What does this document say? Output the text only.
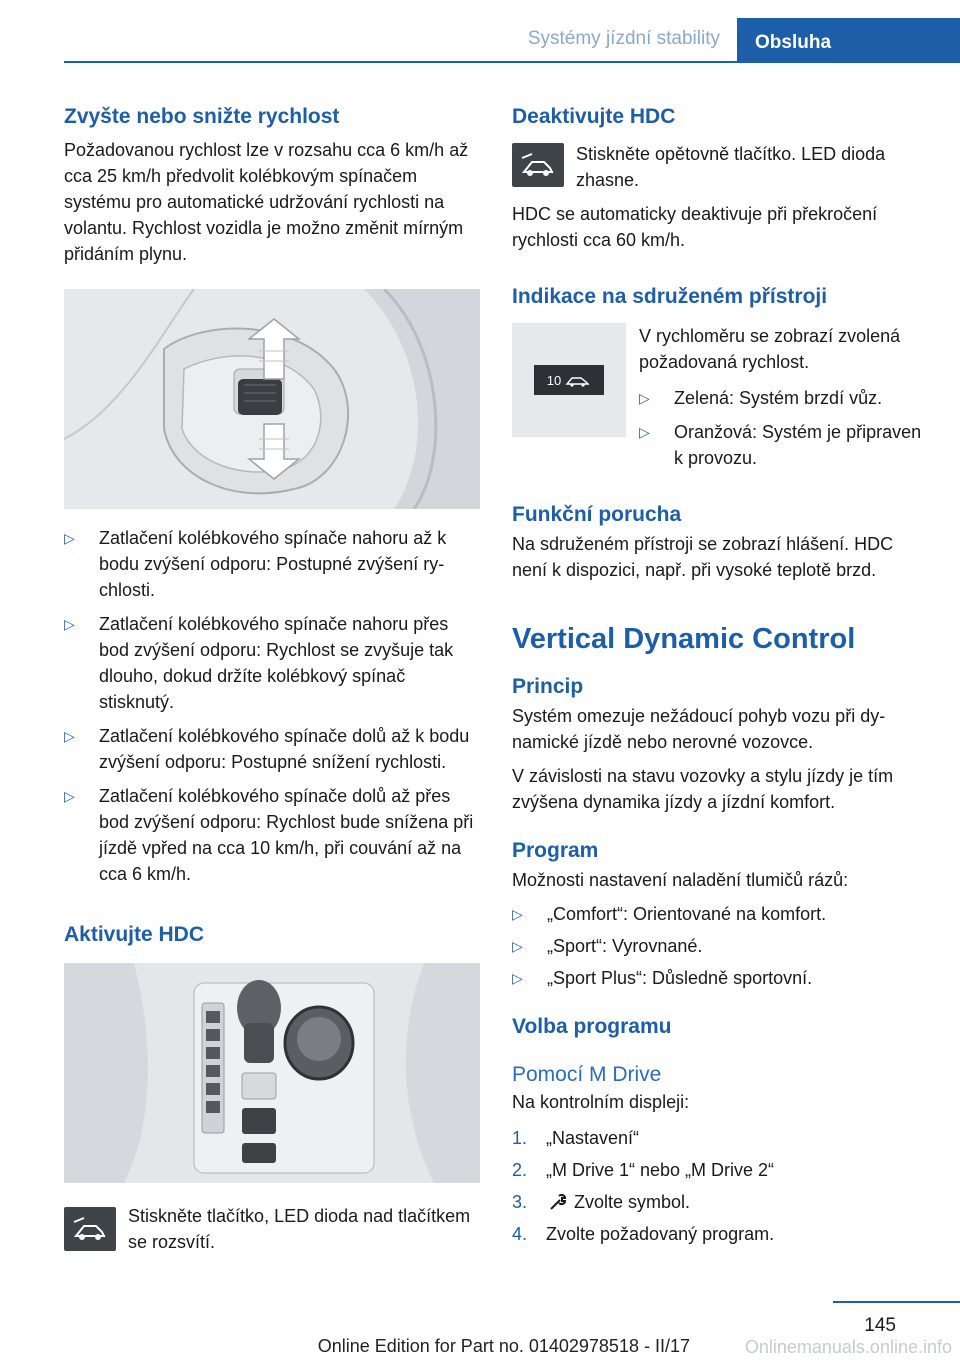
Systémy jízdní stability	Obsluha
Zvyšte nebo snižte rychlost

Požadovanou rychlost lze v rozsahu cca 6 km/h až cca 25 km/h předvolit kolébkovým spínačem systému pro automatické udržování rychlosti na volantu. Rychlost vozidla je možno změnit mírným přidáním plynu.

▷ Zatlačení kolébkového spínače nahoru až k bodu zvýšení odporu: Postupné zvýšení rychlosti.
▷ Zatlačení kolébkového spínače nahoru přes bod zvýšení odporu: Rychlost se zvyšuje tak dlouho, dokud držíte kolébkový spínač stisknutý.
▷ Zatlačení kolébkového spínače dolů až k bodu zvýšení odporu: Postupné snížení rychlosti.
▷ Zatlačení kolébkového spínače dolů až přes bod zvýšení odporu: Rychlost bude snížena při jízdě vpřed na cca 10 km/h, při couvání až na cca 6 km/h.
Aktivujte HDC

Stiskněte tlačítko, LED dioda nad tlačítkem se rozsvítí.

Deaktivujte HDC

Stiskněte opětovně tlačítko. LED dioda zhasne.

HDC se automaticky deaktivuje při překročení rychlosti cca 60 km/h.

Indikace na sdruženém přístroji
10

V rychloměru se zobrazí zvolená požadovaná rychlost.

▷ Zelená: Systém brzdí vůz.
▷ Oranžová: Systém je připraven k provozu.
Funkční porucha

Na sdruženém přístroji se zobrazí hlášení. HDC není k dispozici, např. při vysoké teplotě brzd.

Vertical Dynamic Control
Princip

Systém omezuje nežádoucí pohyb vozu při dynamické jízdě nebo nerovné vozovce.

V závislosti na stavu vozovky a stylu jízdy je tím zvýšena dynamika jízdy a jízdní komfort.

Program

Možnosti nastavení naladění tlumičů rázů:

▷ „Comfort“: Orientované na komfort.
▷ „Sport“: Vyrovnané.
▷ „Sport Plus“: Důsledně sportovní.
Volba programu
Pomocí M Drive

Na kontrolním displeji:

1. „Nastavení“
2. „M Drive 1“ nebo „M Drive 2“
3.	Zvolte symbol.
4. Zvolte požadovaný program.
145
Online Edition for Part no. 01402978518 - II/17	Onlinemanuals.online.info
